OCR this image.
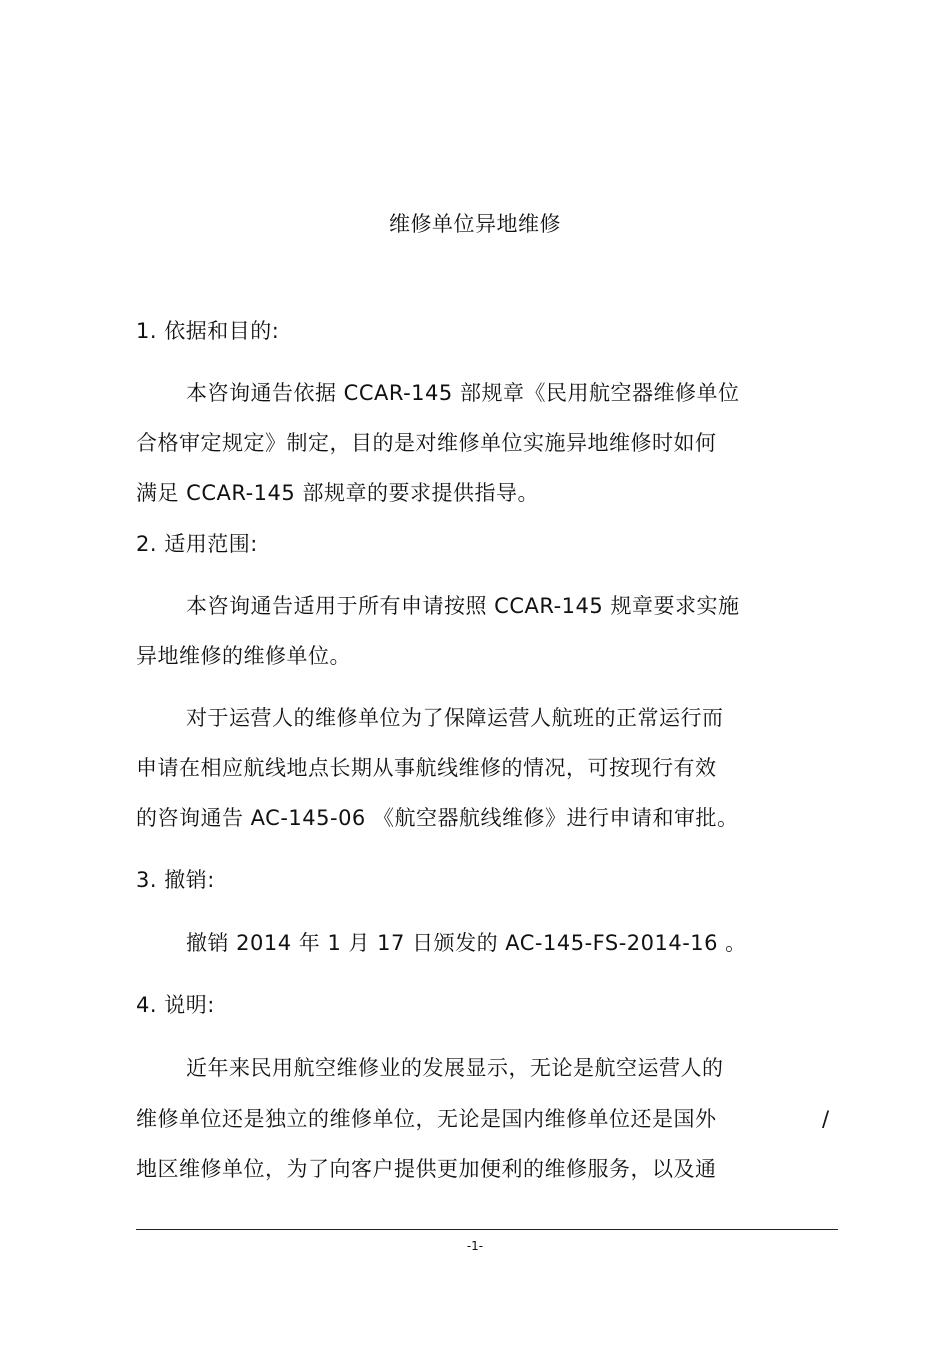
维修单位异地维修
1. 依据和目的:
本咨询通告依据 CCAR-145 部规章《民用航空器维修单位
合格审定规定》制定，目的是对维修单位实施异地维修时如何
满足 CCAR-145 部规章的要求提供指导。
2. 适用范围:
本咨询通告适用于所有申请按照 CCAR-145 规章要求实施
异地维修的维修单位。
对于运营人的维修单位为了保障运营人航班的正常运行而
申请在相应航线地点长期从事航线维修的情况，可按现行有效
的咨询通告 AC-145-06 《航空器航线维修》进行申请和审批。
3. 撤销:
撤销 2014 年 1 月 17 日颁发的 AC-145-FS-2014-16 。
4. 说明:
近年来民用航空维修业的发展显示，无论是航空运营人的
维修单位还是独立的维修单位，无论是国内维修单位还是国外	/
地区维修单位，为了向客户提供更加便利的维修服务，以及通
-1-
